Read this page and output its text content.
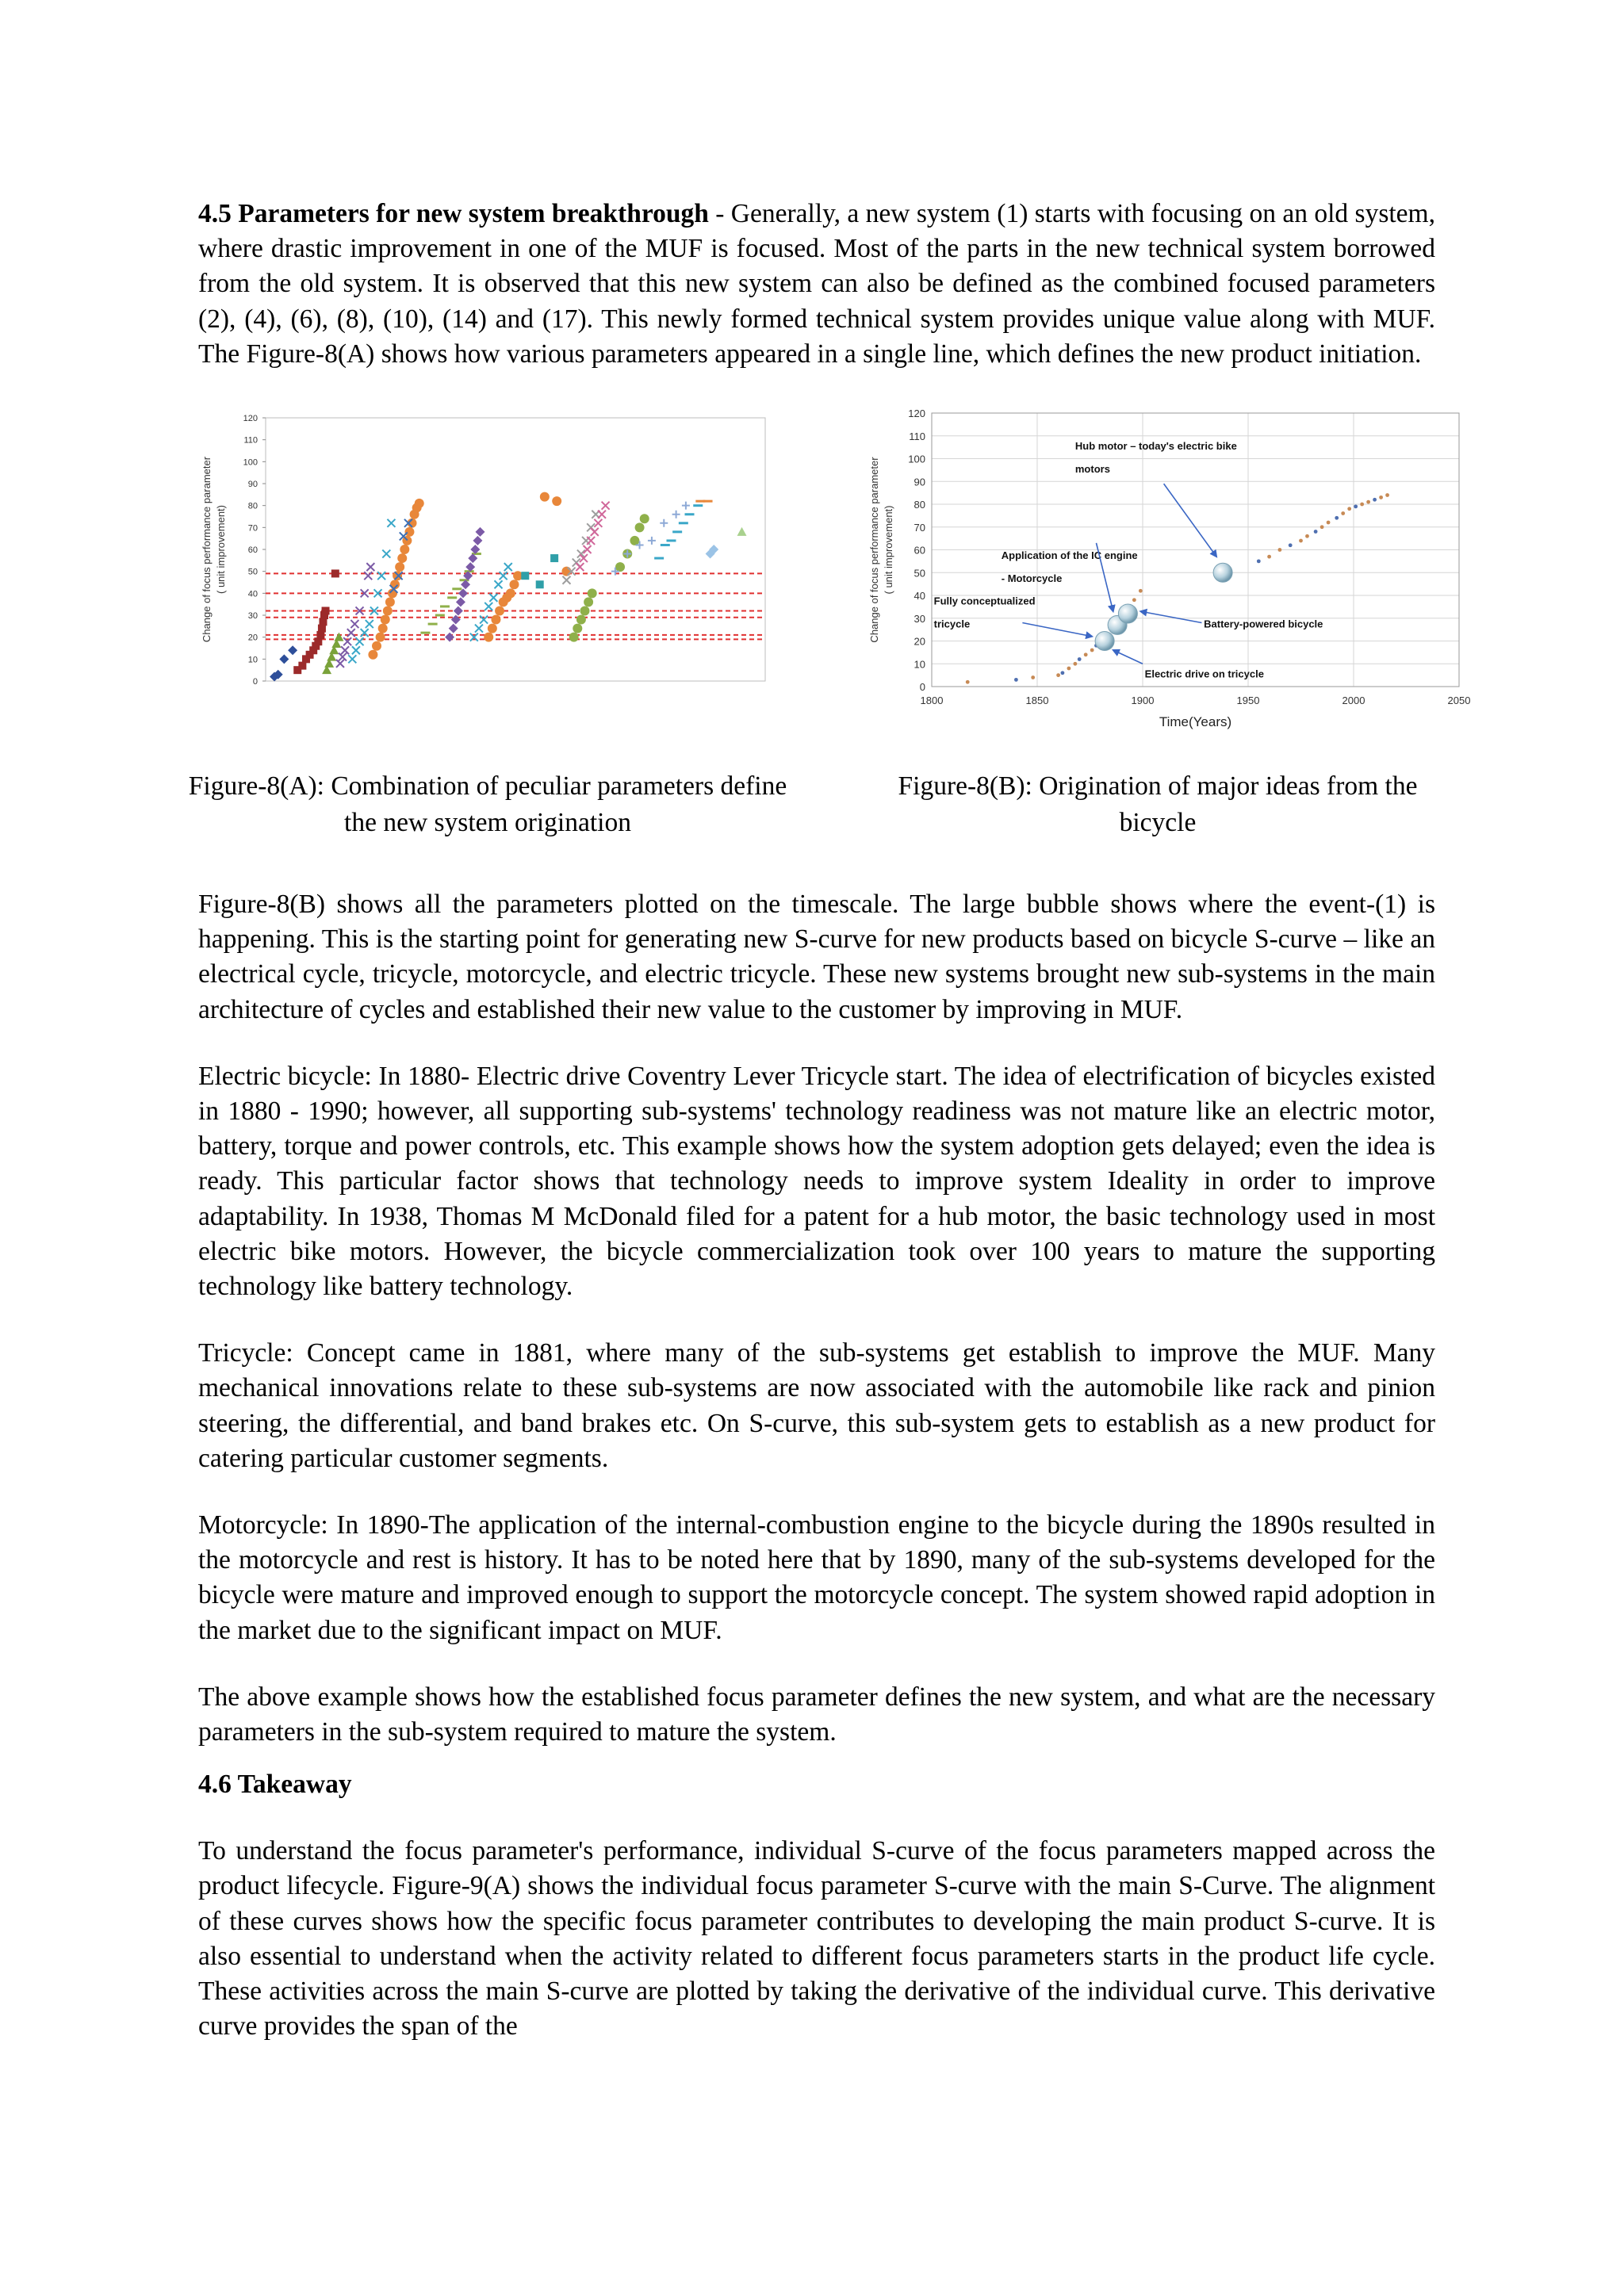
4.5 Parameters for new system breakthrough - Generally, a new system (1) starts with focusing on an old system, where drastic improvement in one of the MUF is focused. Most of the parts in the new technical system borrowed from the old system. It is observed that this new system can also be defined as the combined focused parameters (2), (4), (6), (8), (10), (14) and (17). This newly formed technical system provides unique value along with MUF. The Figure-8(A) shows how various parameters appeared in a single line, which defines the new product initiation.

0
10
20
30
40
50
60
70
80
90
100
110
120
Change of focus performance parameter ( unit improvement)
0
10
20
30
40
50
60
70
80
90
100
110
120
1800	1850	1900	1950	2000	2050
Time(Years)
Change of focus performance parameter ( unit improvement)	Application of the IC engine
- Motorcycle
Hub motor – today's electric bike
motors
Fully conceptualized
tricycle	Battery-powered bicycle
Electric drive on tricycle
Figure-8(A): Combination of peculiar parameters define the new system origination
Figure-8(B): Origination of major ideas from the bicycle

Figure-8(B) shows all the parameters plotted on the timescale. The large bubble shows where the event-(1) is happening. This is the starting point for generating new S-curve for new products based on bicycle S-curve – like an electrical cycle, tricycle, motorcycle, and electric tricycle. These new systems brought new sub-systems in the main architecture of cycles and established their new value to the customer by improving in MUF.

Electric bicycle: In 1880- Electric drive Coventry Lever Tricycle start. The idea of electrification of bicycles existed in 1880 - 1990; however, all supporting sub-systems' technology readiness was not mature like an electric motor, battery, torque and power controls, etc. This example shows how the system adoption gets delayed; even the idea is ready. This particular factor shows that technology needs to improve system Ideality in order to improve adaptability. In 1938, Thomas M McDonald filed for a patent for a hub motor, the basic technology used in most electric bike motors. However, the bicycle commercialization took over 100 years to mature the supporting technology like battery technology.

Tricycle: Concept came in 1881, where many of the sub-systems get establish to improve the MUF. Many mechanical innovations relate to these sub-systems are now associated with the automobile like rack and pinion steering, the differential, and band brakes etc. On S-curve, this sub-system gets to establish as a new product for catering particular customer segments.

Motorcycle: In 1890-The application of the internal-combustion engine to the bicycle during the 1890s resulted in the motorcycle and rest is history. It has to be noted here that by 1890, many of the sub-systems developed for the bicycle were mature and improved enough to support the motorcycle concept. The system showed rapid adoption in the market due to the significant impact on MUF.

The above example shows how the established focus parameter defines the new system, and what are the necessary parameters in the sub-system required to mature the system.

4.6 Takeaway

To understand the focus parameter's performance, individual S-curve of the focus parameters mapped across the product lifecycle. Figure-9(A) shows the individual focus parameter S-curve with the main S-Curve. The alignment of these curves shows how the specific focus parameter contributes to developing the main product S-curve. It is also essential to understand when the activity related to different focus parameters starts in the product life cycle. These activities across the main S-curve are plotted by taking the derivative of the individual curve. This derivative curve provides the span of the
